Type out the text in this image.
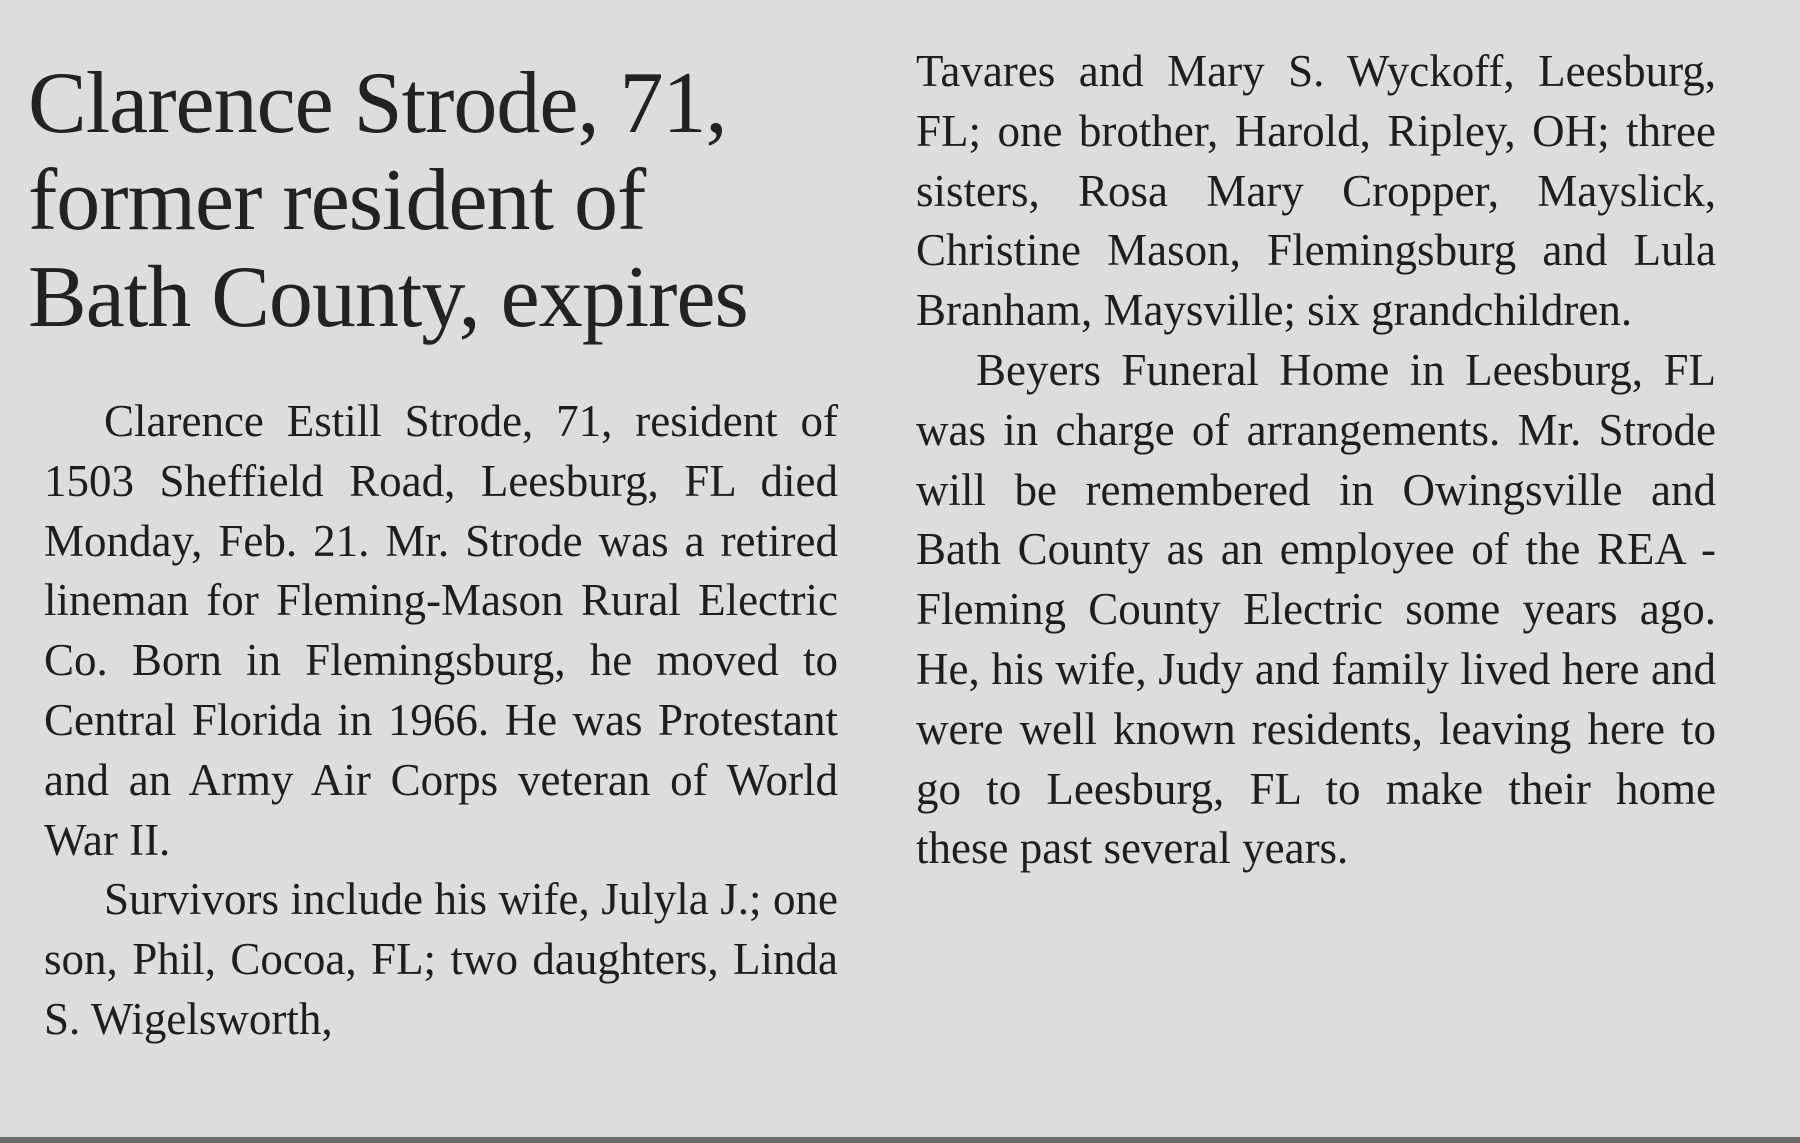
Clarence Strode, 71,
former resident of
Bath County, expires

Clarence Estill Strode, 71, resident of 1503 Sheffield Road, Leesburg, FL died Monday, Feb. 21. Mr. Strode was a retired lineman for Fleming-Mason Rural Electric Co. Born in Flemingsburg, he moved to Central Florida in 1966. He was Protestant and an Army Air Corps veteran of World War II.

Survivors include his wife, Julyla J.; one son, Phil, Cocoa, FL; two daughters, Linda S. Wigelsworth,

Tavares and Mary S. Wyckoff, Leesburg, FL; one brother, Harold, Ripley, OH; three sisters, Rosa Mary Cropper, Mayslick, Christine Mason, Flemingsburg and Lula Branham, Maysville; six grandchildren.

Beyers Funeral Home in Leesburg, FL was in charge of arrangements. Mr. Strode will be remembered in Owingsville and Bath County as an employee of the REA - Fleming County Electric some years ago. He, his wife, Judy and family lived here and were well known residents, leaving here to go to Leesburg, FL to make their home these past several years.
